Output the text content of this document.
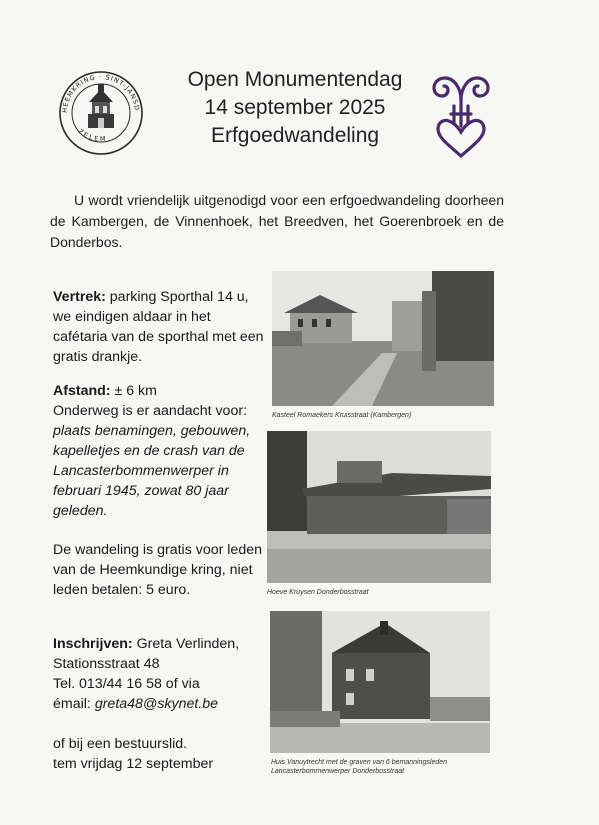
HEEMKRING · SINT-JANSD
ZELEM
Open Monumentendag
14 september 2025
Erfgoedwandeling
U wordt vriendelijk uitgenodigd voor een erfgoedwandeling doorheen de Kambergen, de Vinnenhoek, het Breedven, het Goerenbroek en de Donderbos.

Vertrek: parking Sporthal 14 u, we eindigen aldaar in het cafétaria van de sporthal met een gratis drankje.

Afstand: ± 6 km

Onderweg is er aandacht voor:

plaats benamingen, gebouwen, kapelletjes en de crash van de Lancasterbommenwerper in februari 1945, zowat 80 jaar geleden.

De wandeling is gratis voor leden van de Heemkundige kring, niet leden betalen: 5 euro.

Inschrijven: Greta Verlinden,

Stationsstraat 48

Tel. 013/44 16 58 of via

émail: greta48@skynet.be

of bij een bestuurslid.

tem vrijdag 12 september

Kasteel Romaekers Kruisstraat (Kambergen)
Hoeve Kruysen Donderbosstraat
Huis Vanuytrecht met de graven van 6 bemanningsleden
Lancasterbommenwerper Donderbosstraat
